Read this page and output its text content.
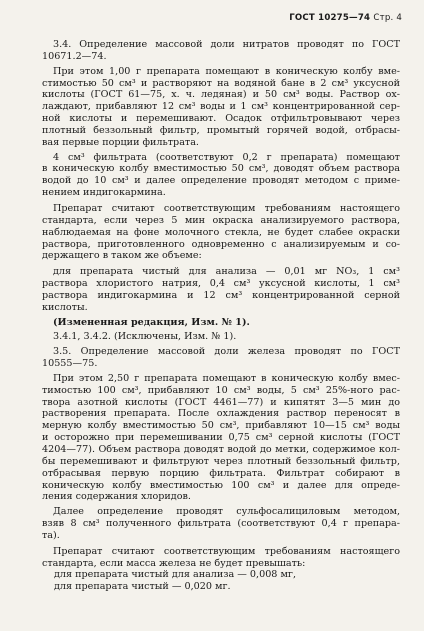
ГОСТ 10275—74 Стр. 4
3.4. Определение массовой доли нитратов проводят по ГОСТ
10671.2—74.
При этом 1,00 г препарата помещают в коническую колбу вме-
стимостью 50 см³ и растворяют на водяной бане в 2 см³ уксусной
кислоты (ГОСТ 61—75, х. ч. ледяная) и 50 см³ воды. Раствор ох-
лаждают, прибавляют 12 см³ воды и 1 см³ концентрированной сер-
ной кислоты и перемешивают. Осадок отфильтровывают через
плотный беззольный фильтр, промытый горячей водой, отбрасы-
вая первые порции фильтрата.
4 см³ фильтрата (соответствуют 0,2 г препарата) помещают
в коническую колбу вместимостью 50 см³, доводят объем раствора
водой до 10 см³ и далее определение проводят методом с приме-
нением индигокармина.
Препарат считают соответствующим требованиям настоящего
стандарта, если через 5 мин окраска анализируемого раствора,
наблюдаемая на фоне молочного стекла, не будет слабее окраски
раствора, приготовленного одновременно с анализируемым и со-
держащего в таком же объеме:
для препарата чистый для анализа — 0,01 мг NO₃, 1 см³
раствора хлористого натрия, 0,4 см³ уксусной кислоты, 1 см³
раствора индигокармина и 12 см³ концентрированной серной
кислоты.
(Измененная редакция, Изм. № 1).
3.4.1, 3.4.2. (Исключены, Изм. № 1).
3.5. Определение массовой доли железа проводят по ГОСТ
10555—75.
При этом 2,50 г препарата помещают в коническую колбу вмес-
тимостью 100 см³, прибавляют 10 см³ воды, 5 см³ 25%-ного рас-
твора азотной кислоты (ГОСТ 4461—77) и кипятят 3—5 мин до
растворения препарата. После охлаждения раствор переносят в
мерную колбу вместимостью 50 см³, прибавляют 10—15 см³ воды
и осторожно при перемешивании 0,75 см³ серной кислоты (ГОСТ
4204—77). Объем раствора доводят водой до метки, содержимое кол-
бы перемешивают и фильтруют через плотный беззольный фильтр,
отбрасывая первую порцию фильтрата. Фильтрат собирают в
коническую колбу вместимостью 100 см³ и далее для опреде-
ления содержания хлоридов.
Далее определение проводят сульфосалициловым методом,
взяв 8 см³ полученного фильтрата (соответствуют 0,4 г препара-
та).
Препарат считают соответствующим требованиям настоящего
стандарта, если масса железа не будет превышать:
для препарата чистый для анализа — 0,008 мг,
для препарата чистый — 0,020 мг.
